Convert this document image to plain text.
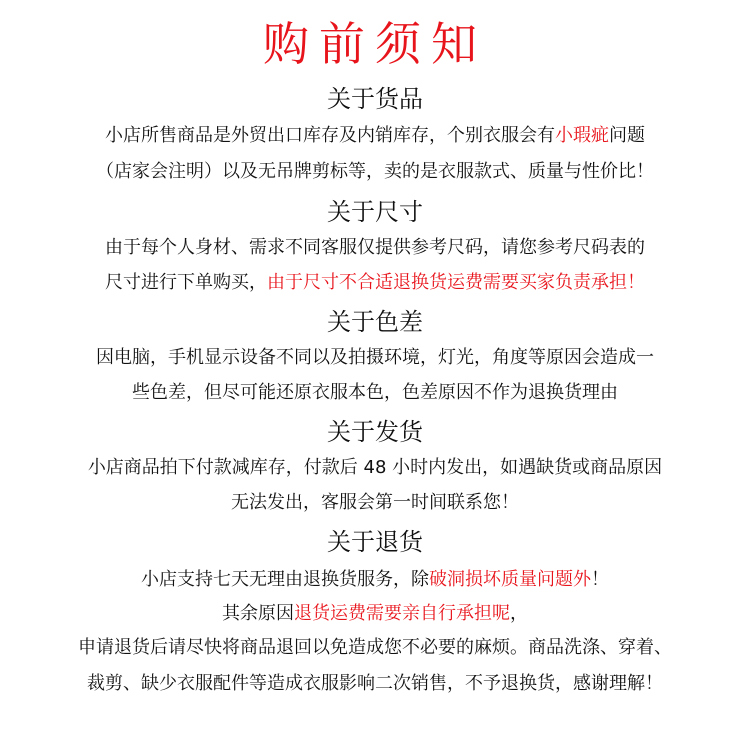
购前须知
关于货品
小店所售商品是外贸出口库存及内销库存，个别衣服会有小瑕疵问题
（店家会注明）以及无吊牌剪标等，卖的是衣服款式、质量与性价比！
关于尺寸
由于每个人身材、需求不同客服仅提供参考尺码，请您参考尺码表的
尺寸进行下单购买，由于尺寸不合适退换货运费需要买家负责承担！
关于色差
因电脑，手机显示设备不同以及拍摄环境，灯光，角度等原因会造成一
些色差，但尽可能还原衣服本色，色差原因不作为退换货理由
关于发货
小店商品拍下付款减库存，付款后 48 小时内发出，如遇缺货或商品原因
无法发出，客服会第一时间联系您！
关于退货
小店支持七天无理由退换货服务，除破洞损坏质量问题外！
其余原因退货运费需要亲自行承担呢，
申请退货后请尽快将商品退回以免造成您不必要的麻烦。商品洗涤、穿着、
裁剪、缺少衣服配件等造成衣服影响二次销售，不予退换货，感谢理解！
